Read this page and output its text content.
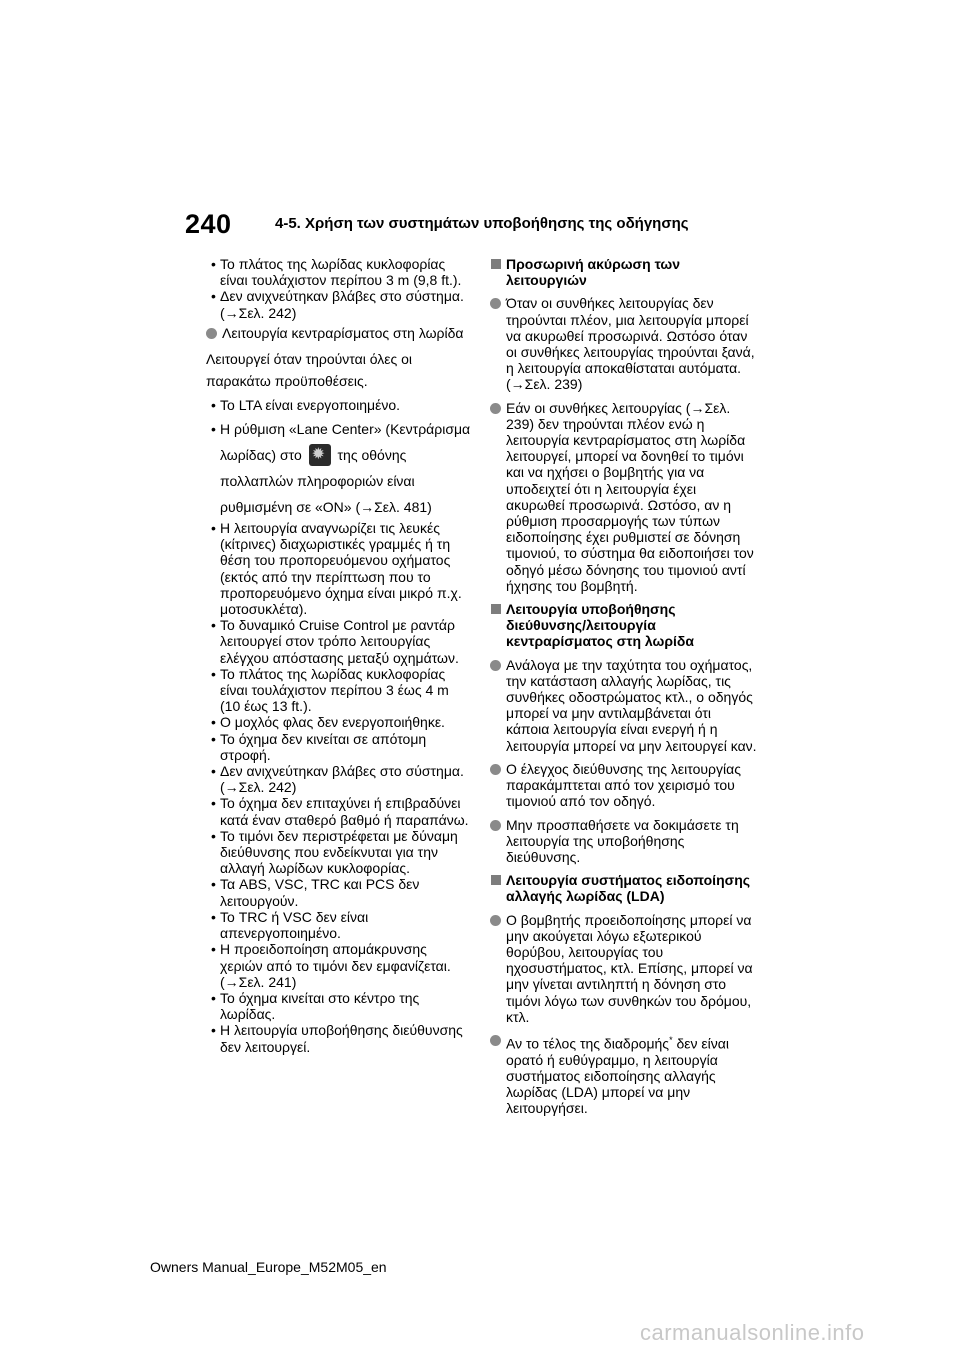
240	4-5. Χρήση των συστημάτων υποβοήθησης της οδήγησης
• Το πλάτος της λωρίδας κυκλοφορίας είναι τουλάχιστον περίπου 3 m (9,8 ft.).
• Δεν ανιχνεύτηκαν βλάβες στο σύστημα. (→Σελ. 242)
Λειτουργία κεντραρίσματος στη λωρίδα
Λειτουργεί όταν τηρούνται όλες οι παρακάτω προϋποθέσεις.
• Το LTA είναι ενεργοποιημένο.
• Η ρύθμιση «Lane Center» (Κεντράρισμα λωρίδας) στο ✹	της οθόνης πολλαπλών πληροφοριών είναι ρυθμισμένη σε «ON» (→Σελ. 481)
• Η λειτουργία αναγνωρίζει τις λευκές (κίτρινες) διαχωριστικές γραμμές ή τη θέση του προπορευόμενου οχήματος (εκτός από την περίπτωση που το προπορευόμενο όχημα είναι μικρό π.χ. μοτοσυκλέτα).
• Το δυναμικό Cruise Control με ραντάρ λειτουργεί στον τρόπο λειτουργίας ελέγχου απόστασης μεταξύ οχημάτων.
• Το πλάτος της λωρίδας κυκλοφορίας είναι τουλάχιστον περίπου 3 έως 4 m (10 έως 13 ft.).
• Ο μοχλός φλας δεν ενεργοποιήθηκε.
• Το όχημα δεν κινείται σε απότομη στροφή.
• Δεν ανιχνεύτηκαν βλάβες στο σύστημα. (→Σελ. 242)
• Το όχημα δεν επιταχύνει ή επιβραδύνει κατά έναν σταθερό βαθμό ή παραπάνω.
• Το τιμόνι δεν περιστρέφεται με δύναμη διεύθυνσης που ενδείκνυται για την αλλαγή λωρίδων κυκλοφορίας.
• Τα ABS, VSC, TRC και PCS δεν λειτουργούν.
• Το TRC ή VSC δεν είναι απενεργοποιημένο.
• Η προειδοποίηση απομάκρυνσης χεριών από το τιμόνι δεν εμφανίζεται. (→Σελ. 241)
• Το όχημα κινείται στο κέντρο της λωρίδας.
• Η λειτουργία υποβοήθησης διεύθυνσης δεν λειτουργεί.
Προσωρινή ακύρωση των λειτουργιών
Όταν οι συνθήκες λειτουργίας δεν τηρούνται πλέον, μια λειτουργία μπορεί να ακυρωθεί προσωρινά. Ωστόσο όταν οι συνθήκες λειτουργίας τηρούνται ξανά, η λειτουργία αποκαθίσταται αυτόματα. (→Σελ. 239)
Εάν οι συνθήκες λειτουργίας (→Σελ. 239) δεν τηρούνται πλέον ενώ η λειτουργία κεντραρίσματος στη λωρίδα λειτουργεί, μπορεί να δονηθεί το τιμόνι και να ηχήσει ο βομβητής για να υποδειχτεί ότι η λειτουργία έχει ακυρωθεί προσωρινά. Ωστόσο, αν η ρύθμιση προσαρμογής των τύπων ειδοποίησης έχει ρυθμιστεί σε δόνηση τιμονιού, το σύστημα θα ειδοποιήσει τον οδηγό μέσω δόνησης του τιμονιού αντί ήχησης του βομβητή.
Λειτουργία υποβοήθησης διεύθυνσης/λειτουργία κεντραρίσματος στη λωρίδα
Ανάλογα με την ταχύτητα του οχήματος, την κατάσταση αλλαγής λωρίδας, τις συνθήκες οδοστρώματος κτλ., ο οδηγός μπορεί να μην αντιλαμβάνεται ότι κάποια λειτουργία είναι ενεργή ή η λειτουργία μπορεί να μην λειτουργεί καν.
Ο έλεγχος διεύθυνσης της λειτουργίας παρακάμπτεται από τον χειρισμό του τιμονιού από τον οδηγό.
Μην προσπαθήσετε να δοκιμάσετε τη λειτουργία της υποβοήθησης διεύθυνσης.
Λειτουργία συστήματος ειδοποίησης αλλαγής λωρίδας (LDA)
Ο βομβητής προειδοποίησης μπορεί να μην ακούγεται λόγω εξωτερικού θορύβου, λειτουργίας του ηχοσυστήματος, κτλ. Επίσης, μπορεί να μην γίνεται αντιληπτή η δόνηση στο τιμόνι λόγω των συνθηκών του δρόμου, κτλ.
Αν το τέλος της διαδρομής* δεν είναι ορατό ή ευθύγραμμο, η λειτουργία συστήματος ειδοποίησης αλλαγής λωρίδας (LDA) μπορεί να μην λειτουργήσει.
Owners Manual_Europe_M52M05_en
carmanualsonline.info
